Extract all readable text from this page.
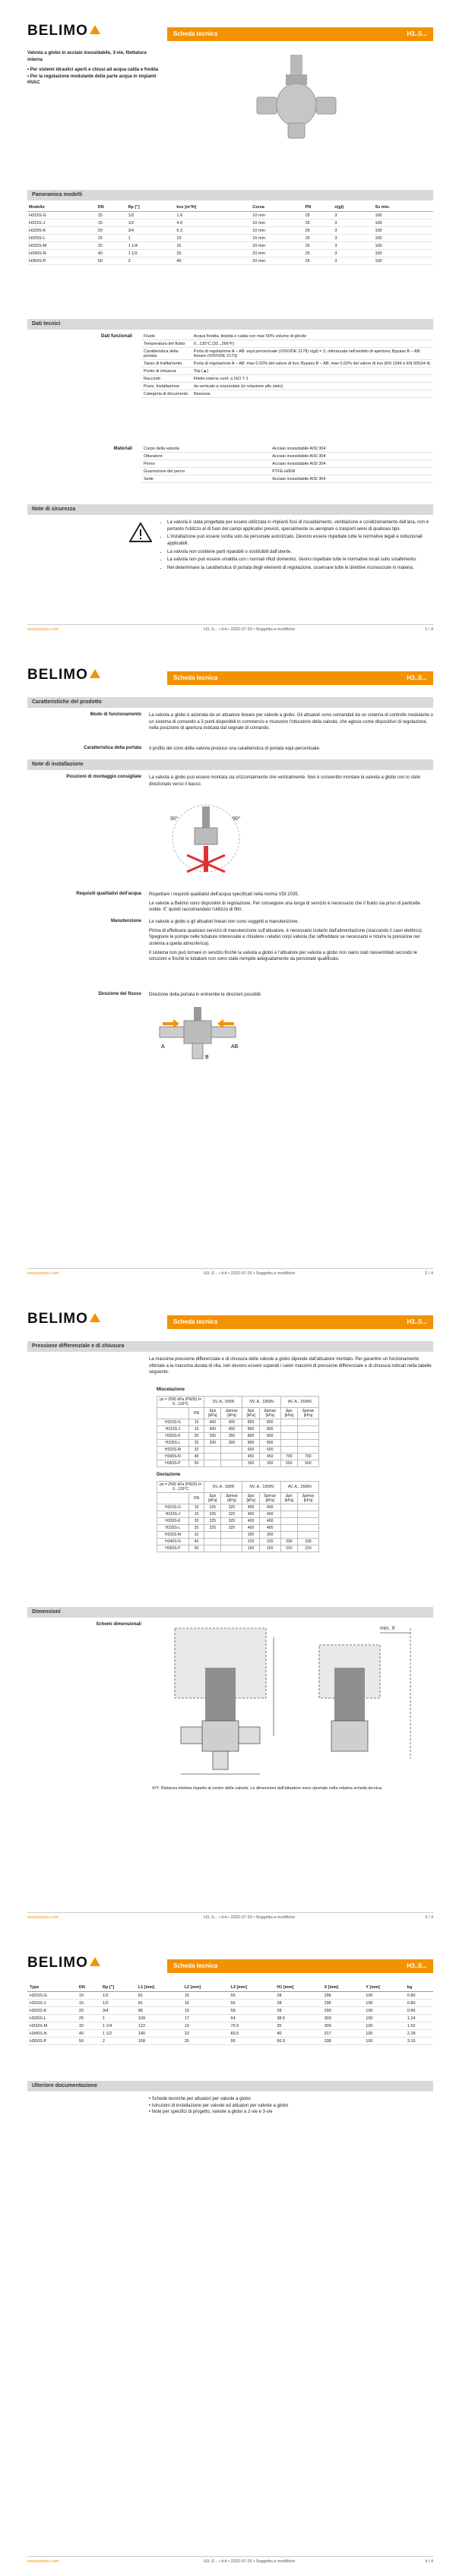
BELIMO	Scheda tecnica	H3..S...
Valvola a globo in acciaio inossidabile, 3-vie, filettatura interna
• Per sistemi idraulici aperti e chiusi ad acqua calda e fredda
• Per la regolazione modulante della parte acqua in impianti HVAC
Panoramica modelli
Modello	DN	Rp ["]	kvs [m³/h]	Corsa	PN	n(gl)	Sv min.
H315S-G	15	1/2	1.6	10 mm	25	3	100
H315S-J	15	1/2	4.0	10 mm	25	3	100
H320S-K	20	3/4	6.3	10 mm	25	3	100
H325S-L	25	1	10	15 mm	25	3	100
H332S-M	32	1 1/4	16	20 mm	25	3	100
H340S-N	40	1 1/2	25	20 mm	25	3	100
H350S-P	50	2	40	20 mm	25	3	100
Dati tecnici
Dati funzionali	Fluido	Acqua fredda, tiepida e calda con max 50% volume di glicole
Temperatura del fluido	0...130°C [32...266°F]
Caratteristica della portata	Porta di regolazione A – AB: equi percentuale (VDI/VDE 2178) n(gl) = 3, ottimizzata nell'ambito di apertura; Bypass B – AB: lineare (VDI/VDE 2173)
Tasso di trafilamento	Porta di regolazione A – AB: max 0.02% del valore di kvs; Bypass B – AB: max 0.02% del valore di kvs (EN 1349 e EN 60534-4)
Punto di chiusura	Top (▲)
Raccordi	Filetto interno conf. a ISO 7-1
Posiz. Installazione	da verticale a orizzontale (in relazione allo stelo)
Categoria di documento	Nessuna
Materiali	Corpo della valvola	Acciaio inossidabile AISI 304
Otturatore	Acciaio inossidabile AISI 304
Perno	Acciaio inossidabile AISI 304
Guarnizione del perno	PTFE-H/EW
Sede	Acciaio inossidabile AISI 304
Note di sicurezza
• La valvola è stata progettata per essere utilizzata in impianti fissi di riscaldamento, ventilazione e condizionamento dell'aria, non è pertanto l'utilizzo al di fuori del campi applicativi previsti, specialmente su aeroplani o trasporti aerei di qualsiasi tipo.
• L'installazione può essere svolta solo da personale autorizzato. Devono essere rispettate tutte le normative legali e istituzionali applicabili.
• La valvola non contiene parti riparabili o sostituibili dall'utente.
• La valvola non può essere smaltita con i normali rifiuti domestici. Vanno rispettate tutte le normative locali sullo smaltimento.
• Nel determinare la caratteristica di portata degli elementi di regolazione, osservare tutte le direttive riconosciute in materia.
www.belimo.com	H3..S... • it-it • 2022-07-26 • Soggetta a modifiche	1 / 4
BELIMO	Scheda tecnica	H3..S...
Caratteristiche del prodotto
Modo di funzionamento La valvola a globo è azionata da un attuatore lineare per valvole a globo. Gli attuatori sono comandati da un sistema di controllo modulante o un sistema di comando a 3 punti disponibili in commercio e muovono l'otturatore della valvola, che agisce come dispositivo di regolazione, nella posizione di apertura indicata dal segnale di comando.
Caratteristica della portata Il profilo del cono della valvola produce una caratteristica di portata equi-percentuale.
Note di installazione
Posizioni di montaggio consigliate La valvola a globo può essere montata sia orizzontalmente che verticalmente. Non è consentito montare la valvola a globo con lo stelo direzionato verso il basso.
90°	90°
Requisiti qualitativi dell'acqua Rispettare i requisiti qualitativi dell'acqua specificati nella norma VDI 2035.

Le valvole a Belimo sono dispositivi di regolazione. Per conseguire una lunga di servizio è necessario che il fluido sia privo di particelle solide. E' quindi raccomandato l'utilizzo di filtri.

Manutenzione Le valvole a globo e gli attuatori lineari non sono soggetti a manutenzione.

Prima di effettuare qualsiasi servizio di manutenzione sull'attuatore, è necessario isolarlo dall'alimentazione (staccando il cavo elettrico). Spegnere le pompe nelle tubature interessate e chiudere i relativi corpi valvola (far raffreddare se necessario e ridurre la pressione nel sistema a quella atmosferica).

Il sistema non può tornare in servizio finché la valvola a globo e l'attuatore per valvola a globo non siano stati riassemblati secondo le istruzioni e finché le tubature non sono state riempite adeguatamente da personale qualificato.

Direzione del flusso Direzione della portata in entrambe le direzioni possibili.
A	AB
B
www.belimo.com	H3..S... • it-it • 2022-07-26 • Soggetta a modifiche	2 / 4
BELIMO	Scheda tecnica	H3..S...
Pressione differenziale e di chiusura
La massima pressione differenziale e di chiusura delle valvole a globo dipende dall'attuatore montato. Per garantire un funzionamento ottimale a la massima durata di vita, non devono essere superati i valori massimi di pressione differenziale e di chiusura indicati nella tabelle seguente.
Miscelazione
ps = 2500 kPa (PN25) t= 0...130°C		SV..A.. 500N		NV..A.. 1000N		AV..A.. 1500N	
	DN	Δps [kPa]	Δpmax [kPa]	Δps [kPa]	Δpmax [kPa]	Δps [kPa]	Δpmax [kPa]
H315S-G	15	400	400	800	800		
H315S-J	15	400	400	800	800		
H320S-K	20	350	350	800	800		
H325S-L	25	300	300	800	800		
H332S-M	32			600	600		
H340S-N	40			450	450	700	700
H350S-P	50			300	300	500	500
Deviazione
ps = 2500 kPa (PN25) t= 0...130°C		SV..A.. 500N		NV..A.. 1000N		AV..A.. 1500N	
	DN	Δps [kPa]	Δpmax [kPa]	Δps [kPa]	Δpmax [kPa]	Δps [kPa]	Δpmax [kPa]
H315S-G	15	325	325	400	400		
H315S-J	15	325	325	400	400		
H320S-K	20	325	325	400	400		
H325S-L	25	325	325	400	400		
H332S-M	32			300	300		
H340S-N	40			220	220	330	330
H350S-P	50			150	150	220	220
Dimensioni
Schemi dimensionali
min. X
X/Y: Distanza minima rispetto al centro della valvola. Le dimensioni dell'attuatore sono riportate nella relativa scheda tecnica.
www.belimo.com	H3..S... • it-it • 2022-07-26 • Soggetta a modifiche	3 / 4
BELIMO	Scheda tecnica	H3..S...
Type	DN	Rp ["]	L1 [mm]	L2 [mm]	L3 [mm]	H1 [mm]	X [mm]	Y [mm]	kg
H315S-G	15	1/2	81	15	56	28	296	100	0.80
H315S-J	15	1/2	81	15	56	28	296	100	0.80
H320S-K	20	3/4	86	15	58	28	299	100	0.86
H325S-L	25	1	109	17	64	38.5	303	100	1.24
H332S-M	32	1 1/4	122	19	76.5	35	309	100	1.92
H340S-N	40	1 1/2	140	23	83.5	40	317	100	2.28
H350S-P	50	2	158	25	95	56.5	338	100	3.15
Ulteriore documentazione
• Schede tecniche per attuatori per valvole a globo
• Istruzioni di installazione per valvole ed attuatori per valvole a globo
• Note per specifici di progetto, valvole a globo a 2-vie e 3-vie
www.belimo.com	H3..S... • it-it • 2022-07-26 • Soggetta a modifiche	4 / 4
